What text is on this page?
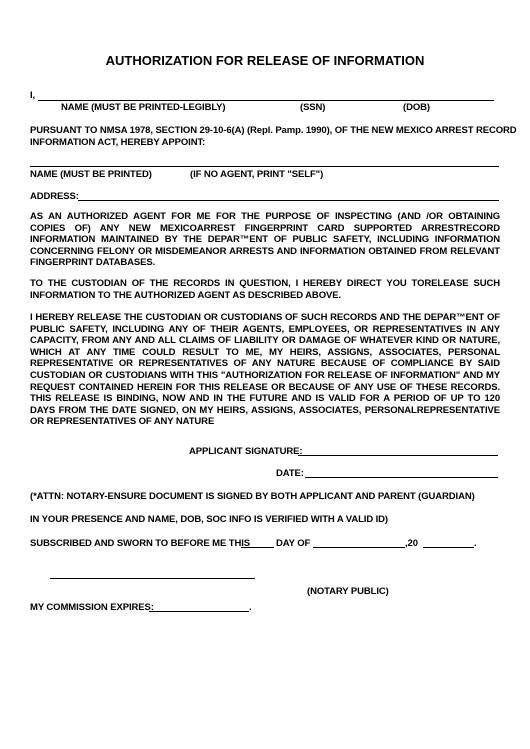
AUTHORIZATION FOR RELEASE OF INFORMATION
I,
NAME (MUST BE PRINTED-LEGIBLY)	(SSN)	(DOB)
PURSUANT TO NMSA 1978, SECTION 29-10-6(A) (Repl. Pamp. 1990), OF THE NEW MEXICO ARREST RECORD
INFORMATION ACT, HEREBY APPOINT:
NAME (MUST BE PRINTED)	(IF NO AGENT, PRINT "SELF")
ADDRESS:
AS AN AUTHORIZED AGENT FOR ME FOR THE PURPOSE OF INSPECTING (AND /OR OBTAINING COPIES OF) ANY NEW MEXICOARREST FINGERPRINT CARD SUPPORTED ARRESTRECORD INFORMATION MAINTAINED BY THE DEPAR™ENT OF PUBLIC SAFETY, INCLUDING INFORMATION CONCERNING FELONY OR MISDEMEANOR ARRESTS AND INFORMATION OBTAINED FROM RELEVANT FINGERPRINT DATABASES.
TO THE CUSTODIAN OF THE RECORDS IN QUESTION, I HEREBY DIRECT YOU TORELEASE SUCH INFORMATION TO THE AUTHORIZED AGENT AS DESCRIBED ABOVE.
I HEREBY RELEASE THE CUSTODIAN OR CUSTODIANS OF SUCH RECORDS AND THE DEPAR™ENT OF PUBLIC SAFETY, INCLUDING ANY OF THEIR AGENTS, EMPLOYEES, OR REPRESENTATIVES IN ANY CAPACITY, FROM ANY AND ALL CLAIMS OF LIABILITY OR DAMAGE OF WHATEVER KIND OR NATURE, WHICH AT ANY TIME COULD RESULT TO ME, MY HEIRS, ASSIGNS, ASSOCIATES, PERSONAL REPRESENTATIVE OR REPRESENTATIVES OF ANY NATURE BECAUSE OF COMPLIANCE BY SAID CUSTODIAN OR CUSTODIANS WITH THIS "AUTHORIZATION FOR RELEASE OF INFORMATION" AND MY REQUEST CONTAINED HEREIN FOR THIS RELEASE OR BECAUSE OF ANY USE OF THESE RECORDS. THIS RELEASE IS BINDING, NOW AND IN THE FUTURE AND IS VALID FOR A PERIOD OF UP TO 120 DAYS FROM THE DATE SIGNED, ON MY HEIRS, ASSIGNS, ASSOCIATES, PERSONALREPRESENTATIVE OR REPRESENTATIVES OF ANY NATURE
APPLICANT SIGNATURE:
DATE:
(*ATTN: NOTARY-ENSURE DOCUMENT IS SIGNED BY BOTH APPLICANT AND PARENT (GUARDIAN)
IN YOUR PRESENCE AND NAME, DOB, SOC INFO IS VERIFIED WITH A VALID ID)
SUBSCRIBED AND SWORN TO BEFORE ME THIS	DAY OF	,20	.
(NOTARY PUBLIC)
MY COMMISSION EXPIRES:	.
